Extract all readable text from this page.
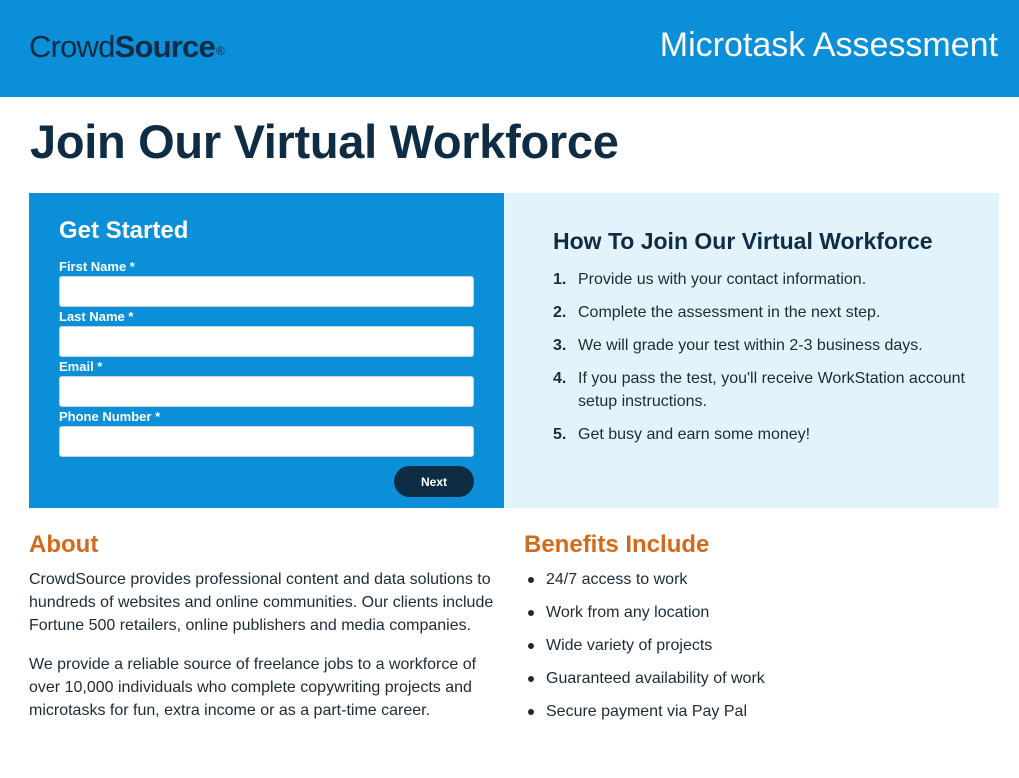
CrowdSource®	Microtask Assessment
Join Our Virtual Workforce
Get Started
First Name *
Last Name *
Email *
Phone Number *
Next
How To Join Our Virtual Workforce
1. Provide us with your contact information.
2. Complete the assessment in the next step.
3. We will grade your test within 2-3 business days.
4. If you pass the test, you'll receive WorkStation account setup instructions.
5. Get busy and earn some money!
About

CrowdSource provides professional content and data solutions to hundreds of websites and online communities. Our clients include Fortune 500 retailers, online publishers and media companies.

We provide a reliable source of freelance jobs to a workforce of over 10,000 individuals who complete copywriting projects and microtasks for fun, extra income or as a part-time career.

Benefits Include
24/7 access to work
Work from any location
Wide variety of projects
Guaranteed availability of work
Secure payment via Pay Pal
